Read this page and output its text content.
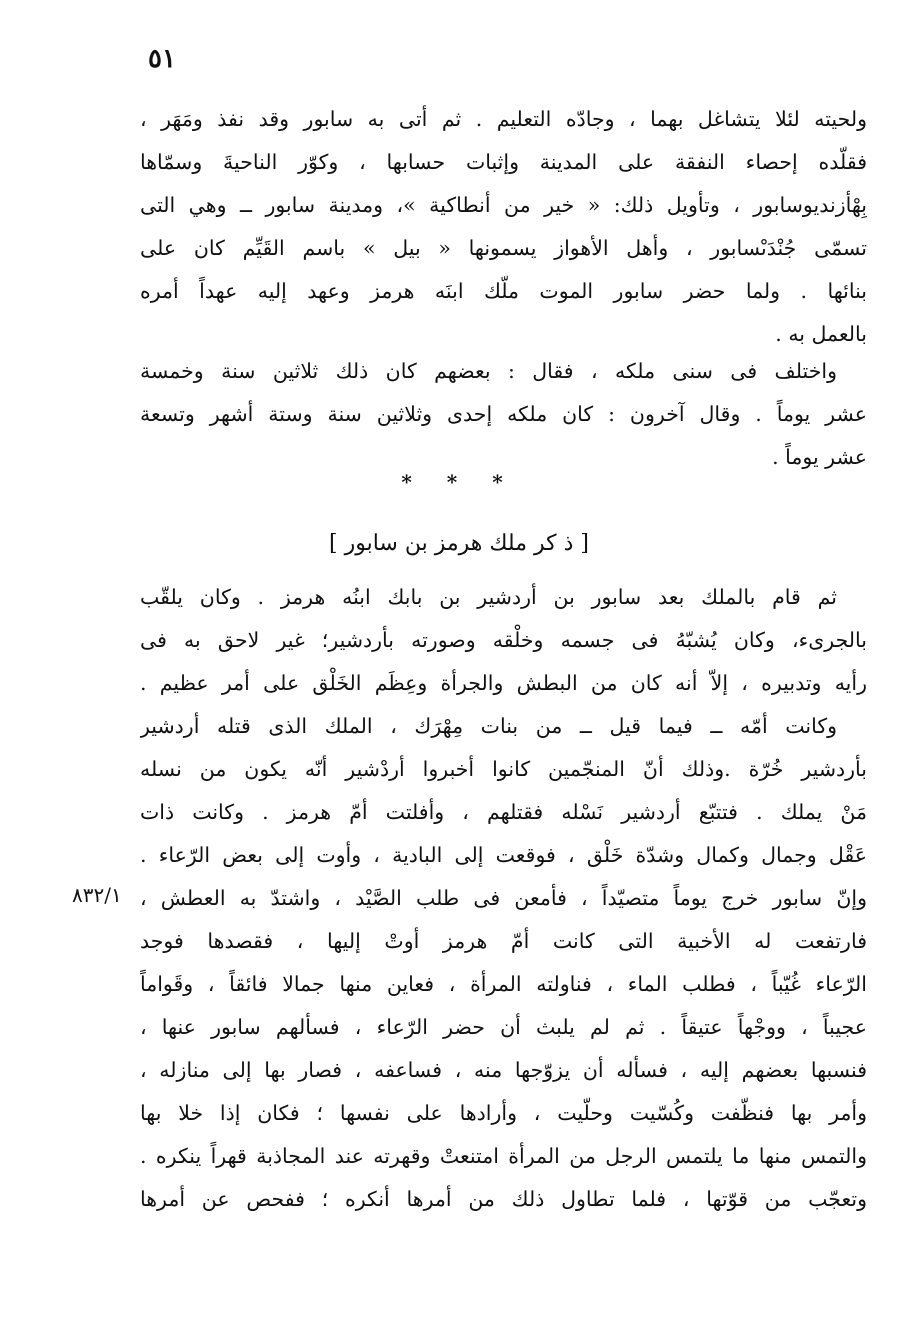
٥١
ولحيته لئلا يتشاغل بهما ، وجادّه التعليم . ثم أتى به سابور وقد نفذ ومَهَر ،
فقلّده إحصاء النفقة على المدينة وإثبات حسابها ، وكوّر الناحيةَ وسمّاها
بِهْأزنديوسابور ، وتأويل ذلك: « خير من أنطاكية »، ومدينة سابور ــ وهي التى
تسمّى جُنْدَىْسابور ، وأهل الأهواز يسمونها « بيل » باسم القَيِّم كان على
بنائها . ولما حضر سابور الموت ملّك ابنَه هرمز وعهد إليه عهداً أمره
بالعمل به .
واختلف فى سنى ملكه ، فقال : بعضهم كان ذلك ثلاثين سنة وخمسة
عشر يوماً . وقال آخرون : كان ملكه إحدى وثلاثين سنة وستة أشهر وتسعة
عشر يوماً .
* * *
[ ذ كر ملك هرمز بن سابور ]
ثم قام بالملك بعد سابور بن أردشير بن بابك ابنُه هرمز . وكان يلقّب
بالجرىء، وكان يُشبّهُ فى جسمه وخلْقه وصورته بأردشير؛ غير لاحق به فى
رأيه وتدبيره ، إلاّ أنه كان من البطش والجرأة وعِظَم الخَلْق على أمر عظيم .
وكانت أمّه ــ فيما قيل ــ من بنات مِهْرَك ، الملك الذى قتله أردشير
بأردشير خُرّة .وذلك أنّ المنجّمين كانوا أخبروا أردْشير أنّه يكون من نسله
مَنْ يملك . فتتبّع أردشير نَسْله فقتلهم ، وأفلتت أمّ هرمز . وكانت ذات
عَقْل وجمال وكمال وشدّة خَلْق ، فوقعت إلى البادية ، وأوت إلى بعض الرّعاء .
وإنّ سابور خرج يوماً متصيّداً ، فأمعن فى طلب الصَّيْد ، واشتدّ به العطش ،
فارتفعت له الأخبية التى كانت أمّ هرمز أوتْ إليها ، فقصدها فوجد
الرّعاء غُيّباً ، فطلب الماء ، فناولته المرأة ، فعاين منها جمالا فائقاً ، وقَواماً
عجيباً ، ووجْهاً عتيقاً . ثم لم يلبث أن حضر الرّعاء ، فسألهم سابور عنها ،
فنسبها بعضهم إليه ، فسأله أن يزوّجها منه ، فساعفه ، فصار بها إلى منازله ،
وأمر بها فنظّفت وكُسّيت وحلّيت ، وأرادها على نفسها ؛ فكان إذا خلا بها
والتمس منها ما يلتمس الرجل من المرأة امتنعتْ وقهرته عند المجاذبة قهراً ينكره .
وتعجّب من قوّتها ، فلما تطاول ذلك من أمرها أنكره ؛ ففحص عن أمرها
٨٣٢/١
